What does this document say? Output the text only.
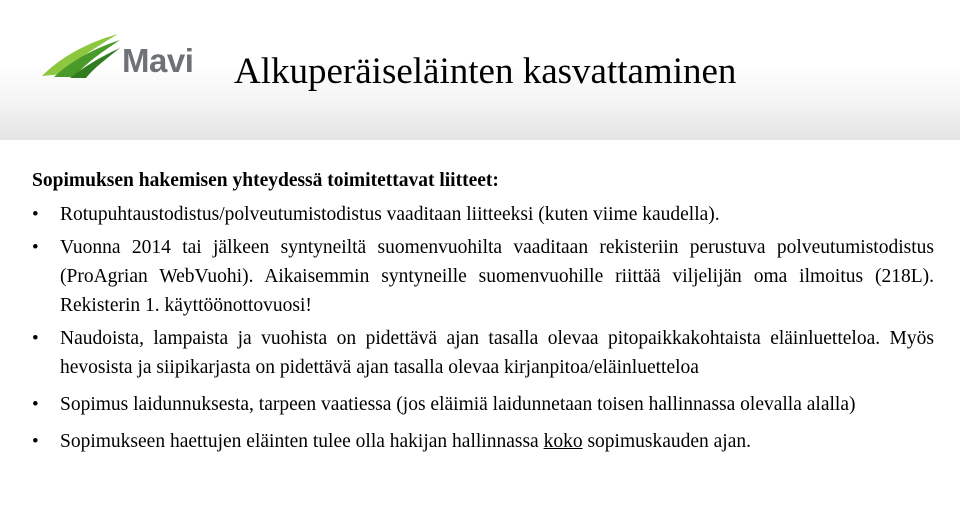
Mavi Alkuperäiseläinten kasvattaminen

Sopimuksen hakemisen yhteydessä toimitettavat liitteet:

• Rotupuhtaustodistus/polveutumistodistus vaaditaan liitteeksi (kuten viime kaudella).
• Vuonna 2014 tai jälkeen syntyneiltä suomenvuohilta vaaditaan rekisteriin perustuva polveutumistodistus (ProAgrian WebVuohi). Aikaisemmin syntyneille suomenvuohille riittää viljelijän oma ilmoitus (218L). Rekisterin 1. käyttöönottovuosi!
• Naudoista, lampaista ja vuohista on pidettävä ajan tasalla olevaa pitopaikkakohtaista eläinluetteloa. Myös hevosista ja siipikarjasta on pidettävä ajan tasalla olevaa kirjanpitoa/eläinluetteloa
• Sopimus laidunnuksesta, tarpeen vaatiessa (jos eläimiä laidunnetaan toisen hallinnassa olevalla alalla)
• Sopimukseen haettujen eläinten tulee olla hakijan hallinnassa koko sopimuskauden ajan.
